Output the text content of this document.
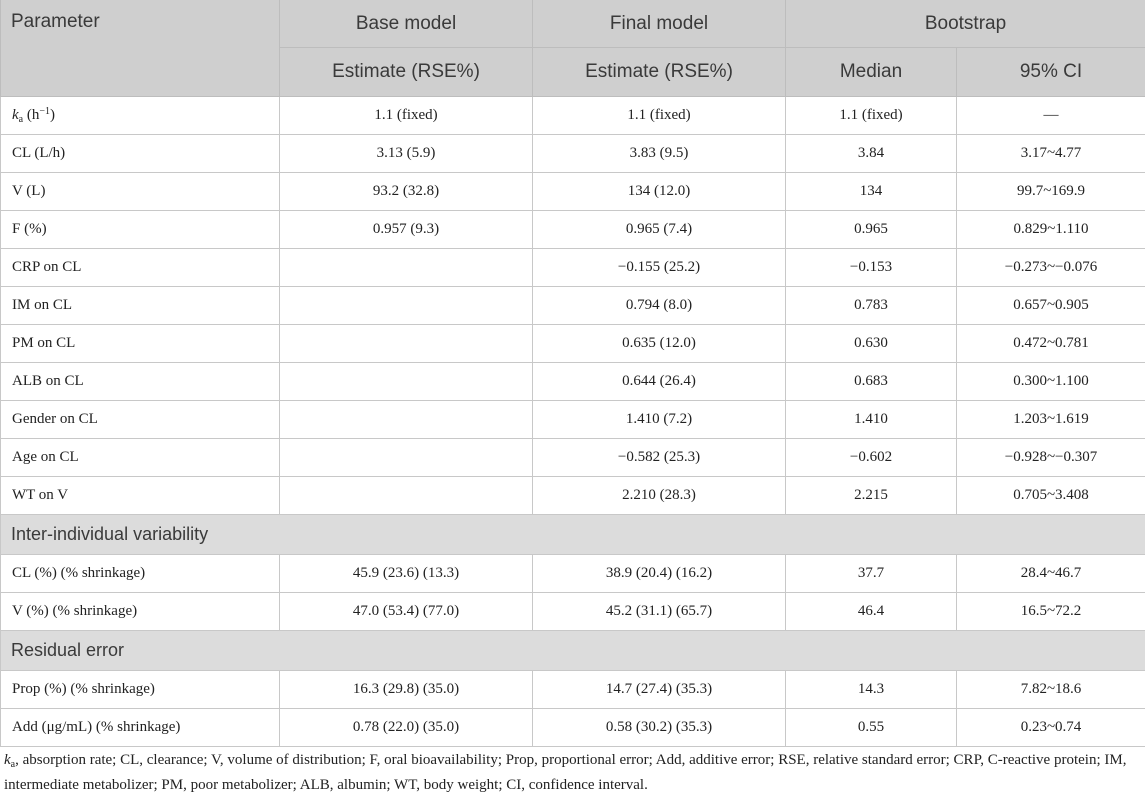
Parameter	Base model	Final model	Bootstrap	
	Estimate (RSE%)	Estimate (RSE%)	Median	95% CI
$k_a$ $(h^{-1})$	1.1 (fixed)	1.1 (fixed)	1.1 (fixed)	—
CL (L/h)	3.13 (5.9)	3.83 (9.5)	3.84	3.17~4.77
V (L)	93.2 (32.8)	134 (12.0)	134	99.7~169.9
F (%)	0.957 (9.3)	0.965 (7.4)	0.965	0.829~1.110
CRP on CL		−0.155 (25.2)	−0.153	−0.273~−0.076
IM on CL		0.794 (8.0)	0.783	0.657~0.905
PM on CL		0.635 (12.0)	0.630	0.472~0.781
ALB on CL		0.644 (26.4)	0.683	0.300~1.100
Gender on CL		1.410 (7.2)	1.410	1.203~1.619
Age on CL		−0.582 (25.3)	−0.602	−0.928~−0.307
WT on V		2.210 (28.3)	2.215	0.705~3.408
Inter-individual variability				
CL (%) (% shrinkage)	45.9 (23.6) (13.3)	38.9 (20.4) (16.2)	37.7	28.4~46.7
V (%) (% shrinkage)	47.0 (53.4) (77.0)	45.2 (31.1) (65.7)	46.4	16.5~72.2
Residual error				
Prop (%) (% shrinkage)	16.3 (29.8) (35.0)	14.7 (27.4) (35.3)	14.3	7.82~18.6
Add (μg/mL) (% shrinkage)	0.78 (22.0) (35.0)	0.58 (30.2) (35.3)	0.55	0.23~0.74
$k_a$, absorption rate; CL, clearance; V, volume of distribution; F, oral bioavailability; Prop, proportional error; Add, additive error; RSE, relative standard error; CRP, C-reactive protein; IM, intermediate metabolizer; PM, poor metabolizer; ALB, albumin; WT, body weight; CI, confidence interval.
